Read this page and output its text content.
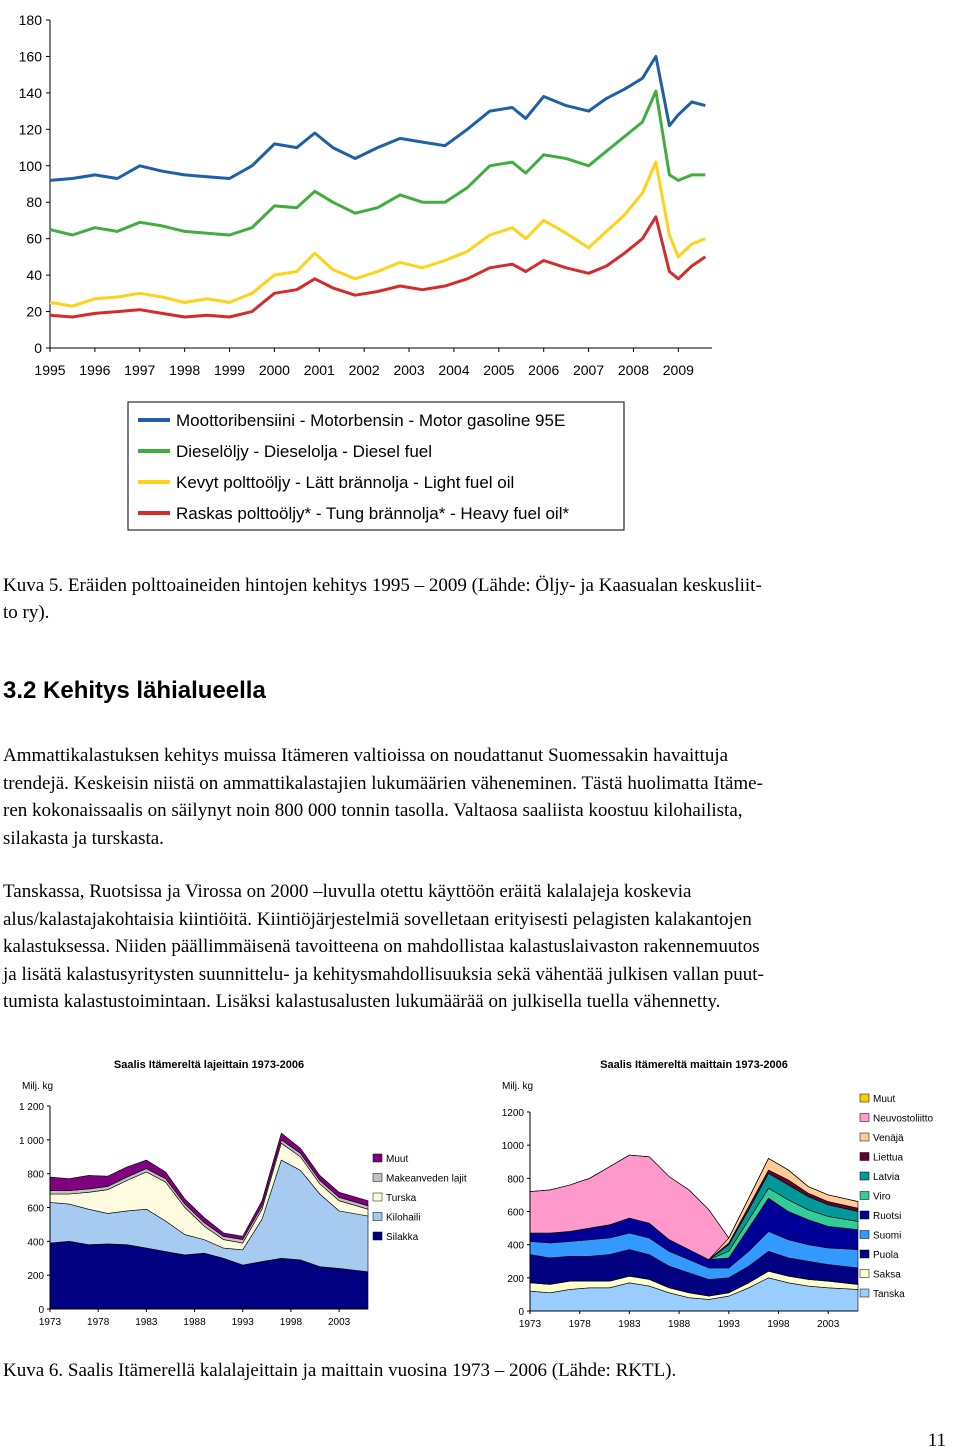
0
20
40
60
80
100
120
140
160
180
1995 1996 1997 1998 1999 2000 2001 2002 2003 2004 2005 2006 2007 2008 2009
Moottoribensiini - Motorbensin - Motor gasoline 95E
Dieselöljy - Dieselolja - Diesel fuel
Kevyt polttoöljy - Lätt brännolja - Light fuel oil
Raskas polttoöljy* - Tung brännolja* - Heavy fuel oil*
Kuva 5. Eräiden polttoaineiden hintojen kehitys 1995 – 2009 (Lähde: Öljy- ja Kaasualan keskusliit-
to ry).
3.2 Kehitys lähialueella

Ammattikalastuksen kehitys muissa Itämeren valtioissa on noudattanut Suomessakin havaittuja
trendejä. Keskeisin niistä on ammattikalastajien lukumäärien väheneminen. Tästä huolimatta Itäme-
ren kokonaissaalis on säilynyt noin 800 000 tonnin tasolla. Valtaosa saaliista koostuu kilohailista,
silakasta ja turskasta.

Tanskassa, Ruotsissa ja Virossa on 2000 –luvulla otettu käyttöön eräitä kalalajeja koskevia
alus/kalastajakohtaisia kiintiöitä. Kiintiöjärjestelmiä sovelletaan erityisesti pelagisten kalakantojen
kalastuksessa. Niiden päällimmäisenä tavoitteena on mahdollistaa kalastuslaivaston rakennemuutos
ja lisätä kalastusyritysten suunnittelu- ja kehitysmahdollisuuksia sekä vähentää julkisen vallan puut-
tumista kalastustoimintaan. Lisäksi kalastusalusten lukumäärää on julkisella tuella vähennetty.

Saalis Itämereltä lajeittain 1973-2006
Milj. kg
0
200
400
600
800
1 000
1 200
1973	1978	1983	1988	1993	1998	2003
Muut
Makeanveden lajit
Turska
Kilohaili
Silakka
Saalis Itämereltä maittain 1973-2006
Milj. kg
0
200
400
600
800
1000
1200
1973	1978	1983	1988	1993	1998	2003
Muut
Neuvostoliitto
Venäjä
Liettua
Latvia
Viro
Ruotsi
Suomi
Puola
Saksa
Tanska
Kuva 6. Saalis Itämerellä kalalajeittain ja maittain vuosina 1973 – 2006 (Lähde: RKTL).
11
